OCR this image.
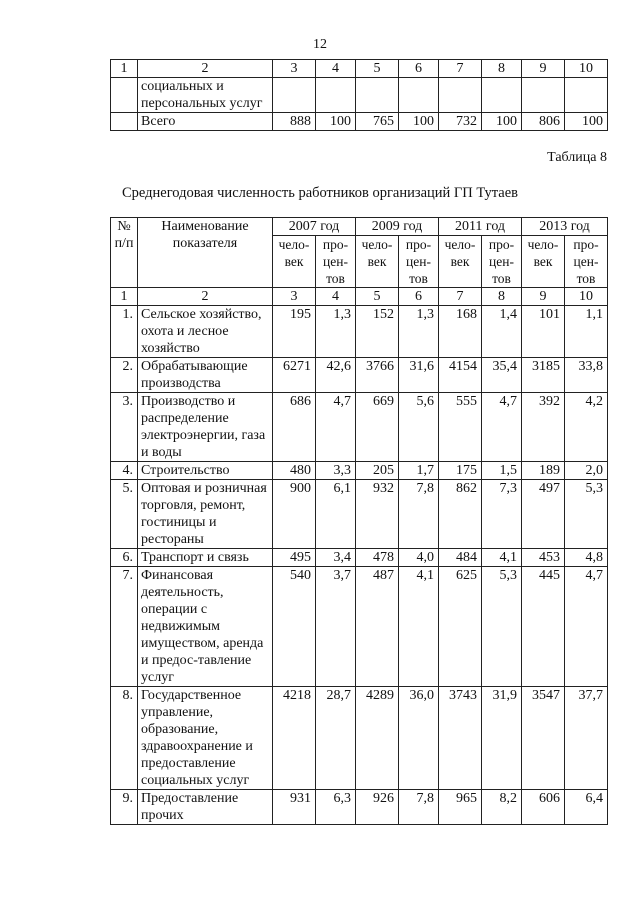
12
1	2	3	4	5	6	7	8	9	10
	социальных и персональных услуг								
	Всего	888	100	765	100	732	100	806	100
Таблица 8
Среднегодовая численность работников организаций ГП Тутаев
№ п/п	Наименование показателя	2007 год		2009 год		2011 год		2013 год	
		чело-век	про-цен-тов	чело-век	про-цен-тов	чело-век	про-цен-тов	чело-век	про-цен-тов
1	2	3	4	5	6	7	8	9	10
1.	Сельское хозяйство, охота и лесное хозяйство	195	1,3	152	1,3	168	1,4	101	1,1
2.	Обрабатывающие производства	6271	42,6	3766	31,6	4154	35,4	3185	33,8
3.	Производство и распределение электроэнергии, газа и воды	686	4,7	669	5,6	555	4,7	392	4,2
4.	Строительство	480	3,3	205	1,7	175	1,5	189	2,0
5.	Оптовая и розничная торговля, ремонт, гостиницы и рестораны	900	6,1	932	7,8	862	7,3	497	5,3
6.	Транспорт и связь	495	3,4	478	4,0	484	4,1	453	4,8
7.	Финансовая деятельность, операции с недвижимым имуществом, аренда и предос-тавление услуг	540	3,7	487	4,1	625	5,3	445	4,7
8.	Государственное управление, образование, здравоохранение и предоставление социальных услуг	4218	28,7	4289	36,0	3743	31,9	3547	37,7
9.	Предоставление прочих	931	6,3	926	7,8	965	8,2	606	6,4
